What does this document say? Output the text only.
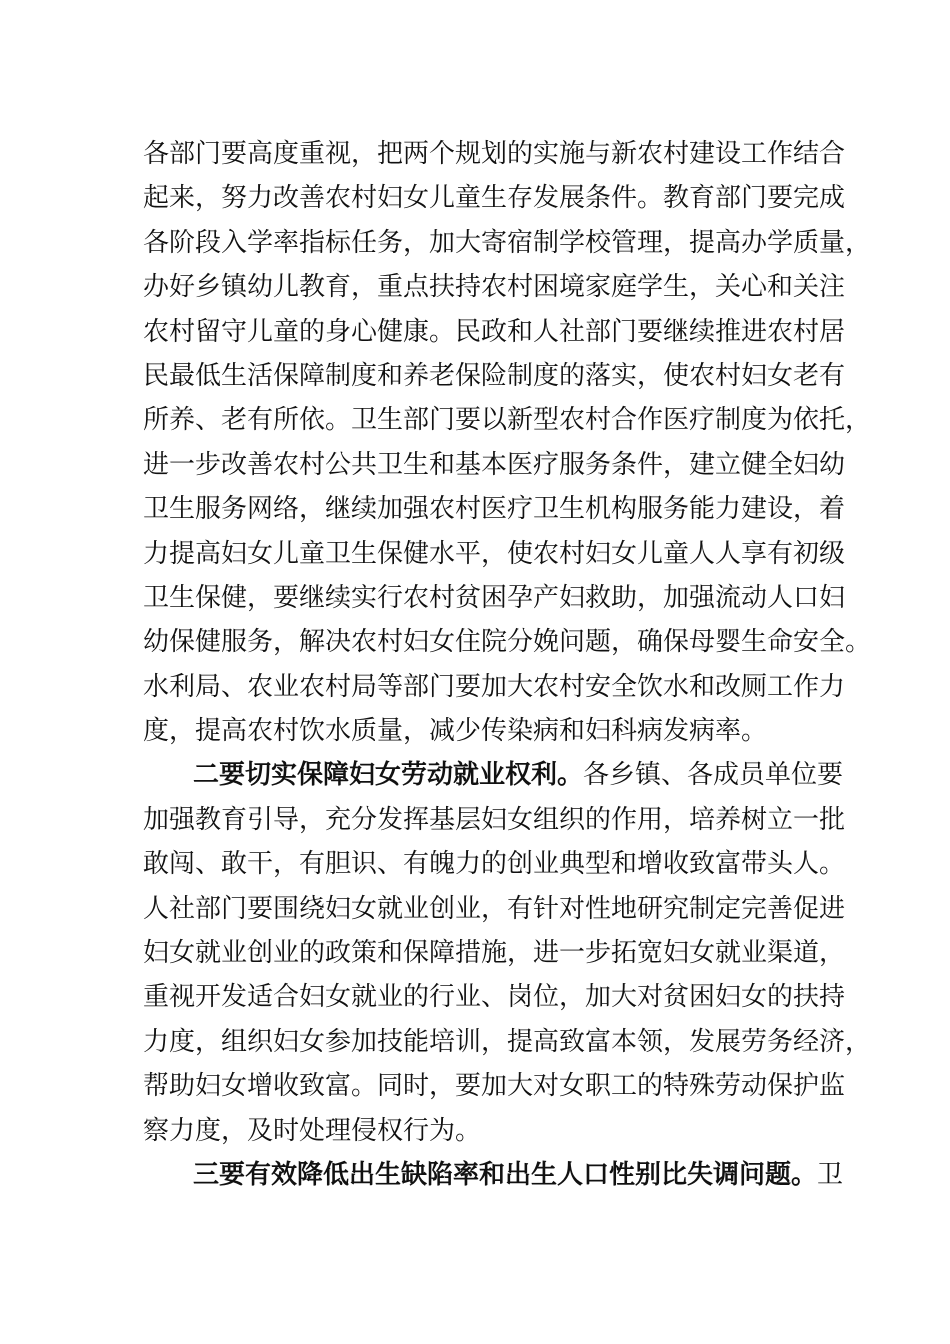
各部门要高度重视，把两个规划的实施与新农村建设工作结合
起来，努力改善农村妇女儿童生存发展条件。教育部门要完成
各阶段入学率指标任务，加大寄宿制学校管理，提高办学质量，
办好乡镇幼儿教育，重点扶持农村困境家庭学生，关心和关注
农村留守儿童的身心健康。民政和人社部门要继续推进农村居
民最低生活保障制度和养老保险制度的落实，使农村妇女老有
所养、老有所依。卫生部门要以新型农村合作医疗制度为依托，
进一步改善农村公共卫生和基本医疗服务条件，建立健全妇幼
卫生服务网络，继续加强农村医疗卫生机构服务能力建设，着
力提高妇女儿童卫生保健水平，使农村妇女儿童人人享有初级
卫生保健，要继续实行农村贫困孕产妇救助，加强流动人口妇
幼保健服务，解决农村妇女住院分娩问题，确保母婴生命安全。
水利局、农业农村局等部门要加大农村安全饮水和改厕工作力
度，提高农村饮水质量，减少传染病和妇科病发病率。
二要切实保障妇女劳动就业权利。各乡镇、各成员单位要
加强教育引导，充分发挥基层妇女组织的作用，培养树立一批
敢闯、敢干，有胆识、有魄力的创业典型和增收致富带头人。
人社部门要围绕妇女就业创业，有针对性地研究制定完善促进
妇女就业创业的政策和保障措施，进一步拓宽妇女就业渠道，
重视开发适合妇女就业的行业、岗位，加大对贫困妇女的扶持
力度，组织妇女参加技能培训，提高致富本领，发展劳务经济，
帮助妇女增收致富。同时，要加大对女职工的特殊劳动保护监
察力度，及时处理侵权行为。
三要有效降低出生缺陷率和出生人口性别比失调问题。卫
